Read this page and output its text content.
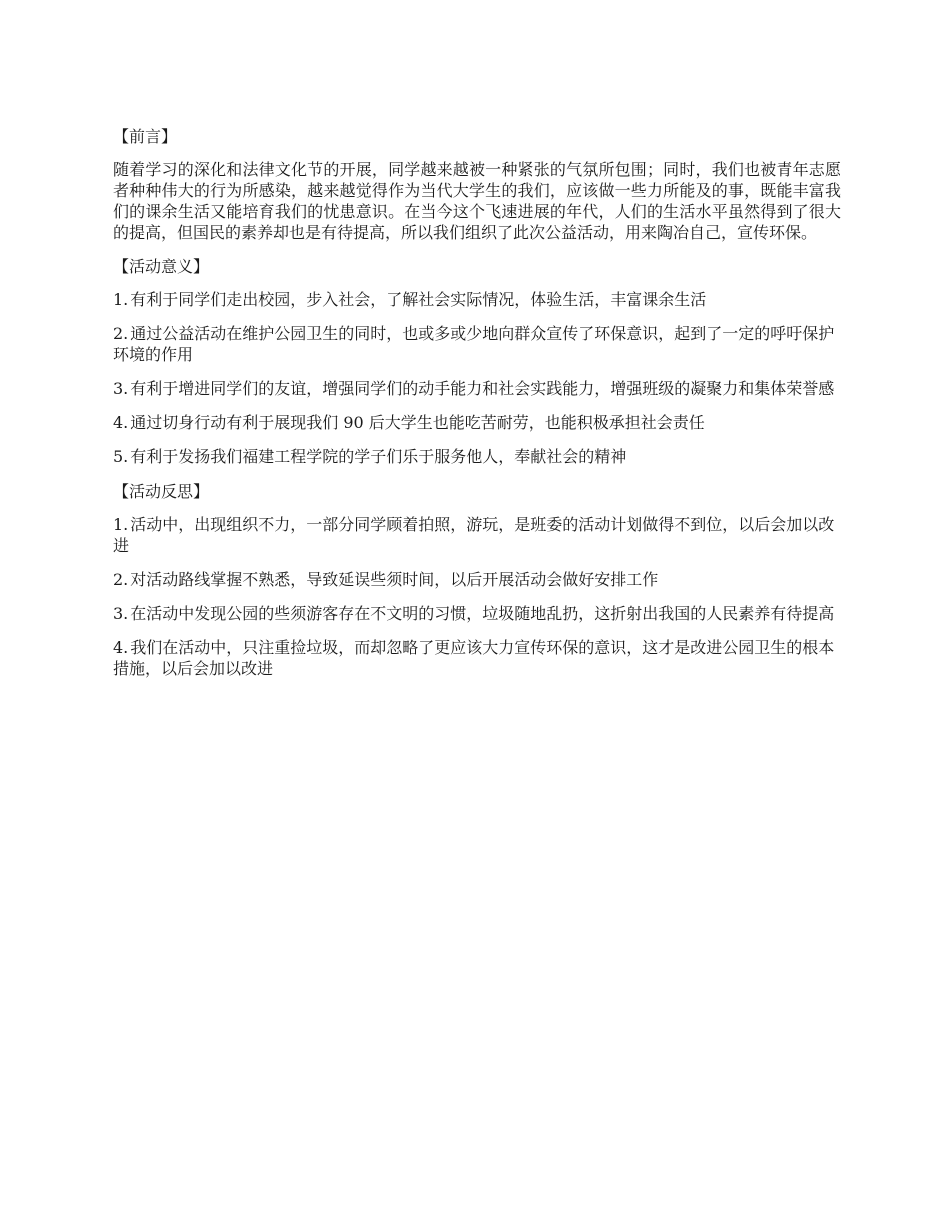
【前言】

随着学习的深化和法律文化节的开展，同学越来越被一种紧张的气氛所包围；同时，我们也被青年志愿者种种伟大的行为所感染，越来越觉得作为当代大学生的我们，应该做一些力所能及的事，既能丰富我们的课余生活又能培育我们的忧患意识。在当今这个飞速进展的年代，人们的生活水平虽然得到了很大的提高，但国民的素养却也是有待提高，所以我们组织了此次公益活动，用来陶冶自己，宣传环保。

【活动意义】
1. 有利于同学们走出校园，步入社会，了解社会实际情况，体验生活，丰富课余生活
2. 通过公益活动在维护公园卫生的同时，也或多或少地向群众宣传了环保意识，起到了一定的呼吁保护环境的作用
3. 有利于增进同学们的友谊，增强同学们的动手能力和社会实践能力，增强班级的凝聚力和集体荣誉感
4. 通过切身行动有利于展现我们 90 后大学生也能吃苦耐劳，也能积极承担社会责任
5. 有利于发扬我们福建工程学院的学子们乐于服务他人，奉献社会的精神
【活动反思】
1. 活动中，出现组织不力，一部分同学顾着拍照，游玩，是班委的活动计划做得不到位，以后会加以改进
2. 对活动路线掌握不熟悉，导致延误些须时间，以后开展活动会做好安排工作
3. 在活动中发现公园的些须游客存在不文明的习惯，垃圾随地乱扔，这折射出我国的人民素养有待提高
4. 我们在活动中，只注重捡垃圾，而却忽略了更应该大力宣传环保的意识，这才是改进公园卫生的根本措施，以后会加以改进
